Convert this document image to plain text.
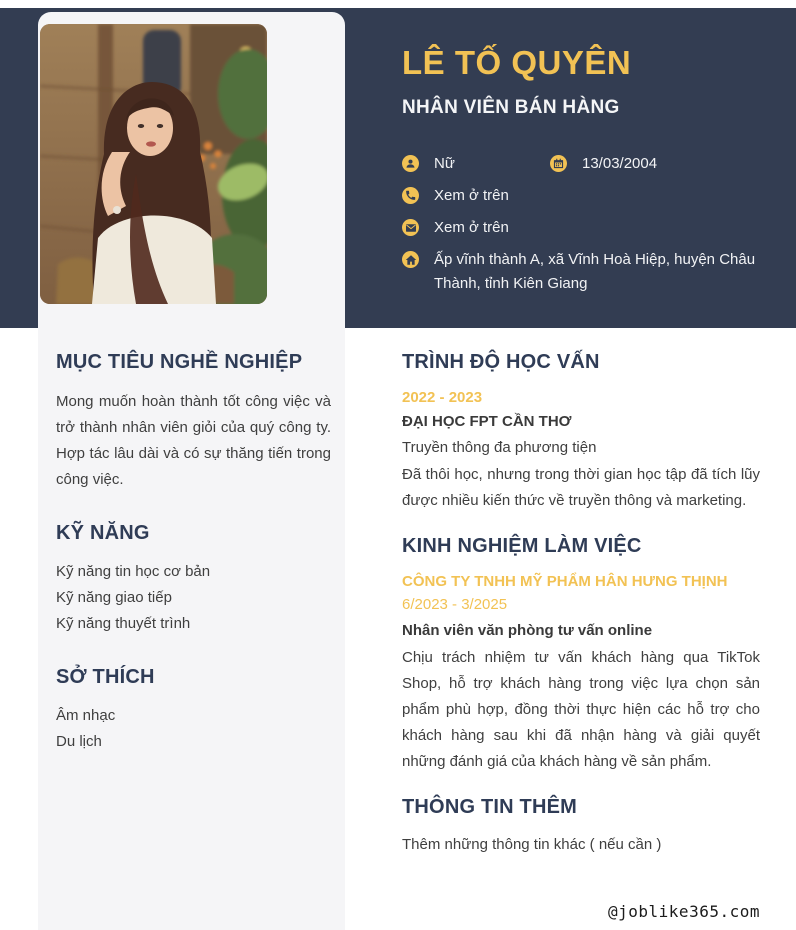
LÊ TỐ QUYÊN
NHÂN VIÊN BÁN HÀNG
Nữ	13/03/2004
Xem ở trên
Xem ở trên
Ấp vĩnh thành A, xã Vĩnh Hoà Hiệp, huyện Châu Thành, tỉnh Kiên Giang
MỤC TIÊU NGHỀ NGHIỆP

Mong muốn hoàn thành tốt công việc và trở thành nhân viên giỏi của quý công ty. Hợp tác lâu dài và có sự thăng tiến trong công việc.

KỸ NĂNG
Kỹ năng tin học cơ bản
Kỹ năng giao tiếp
Kỹ năng thuyết trình
SỞ THÍCH
Âm nhạc
Du lịch
TRÌNH ĐỘ HỌC VẤN
2022 - 2023
ĐẠI HỌC FPT CẦN THƠ
Truyền thông đa phương tiện

Đã thôi học, nhưng trong thời gian học tập đã tích lũy được nhiều kiến thức về truyền thông và marketing.

KINH NGHIỆM LÀM VIỆC
CÔNG TY TNHH MỸ PHẨM HÂN HƯNG THỊNH
6/2023 - 3/2025
Nhân viên văn phòng tư vấn online

Chịu trách nhiệm tư vấn khách hàng qua TikTok Shop, hỗ trợ khách hàng trong việc lựa chọn sản phẩm phù hợp, đồng thời thực hiện các hỗ trợ cho khách hàng sau khi đã nhận hàng và giải quyết những đánh giá của khách hàng về sản phẩm.

THÔNG TIN THÊM

Thêm những thông tin khác ( nếu cần )

@joblike365.com
